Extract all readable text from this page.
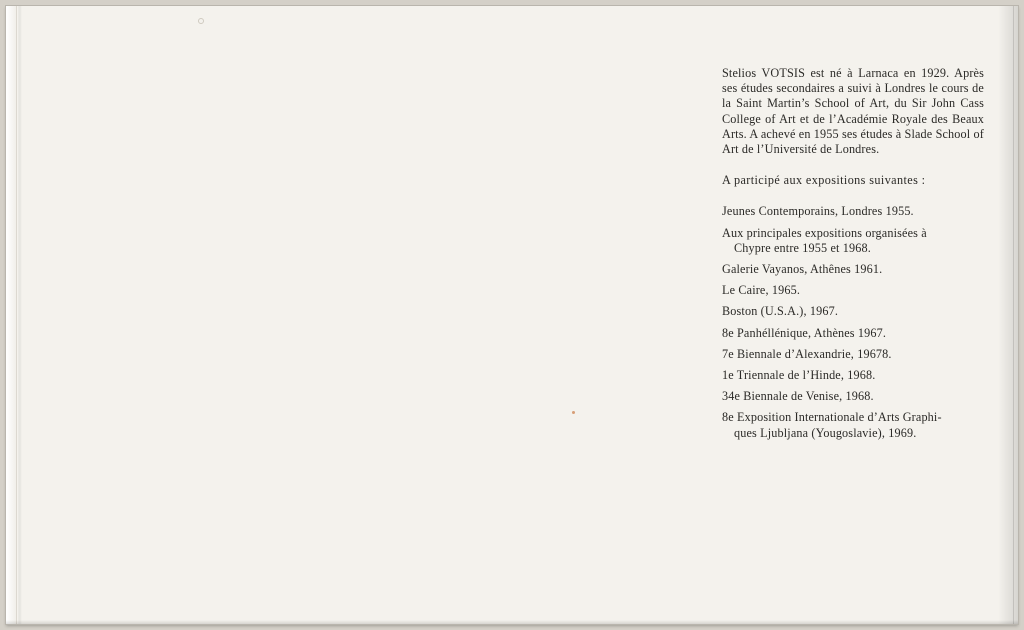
Stelios VOTSIS est né à Larnaca en 1929. Après ses études secondaires a suivi à Londres le cours de la Saint Martin’s School of Art, du Sir John Cass College of Art et de l’Académie Royale des Beaux Arts. A achevé en 1955 ses études à Slade School of Art de l’Université de Londres.

A participé aux expositions suivantes :

Jeunes Contemporains, Londres 1955.
Aux principales expositions organisées à
Chypre entre 1955 et 1968.
Galerie Vayanos, Athênes 1961.
Le Caire, 1965.
Boston (U.S.A.), 1967.
8e Panhéllénique, Athènes 1967.
7e Biennale d’Alexandrie, 19678.
1e Triennale de l’Hinde, 1968.
34e Biennale de Venise, 1968.
8e Exposition Internationale d’Arts Graphi-
ques Ljubljana (Yougoslavie), 1969.
